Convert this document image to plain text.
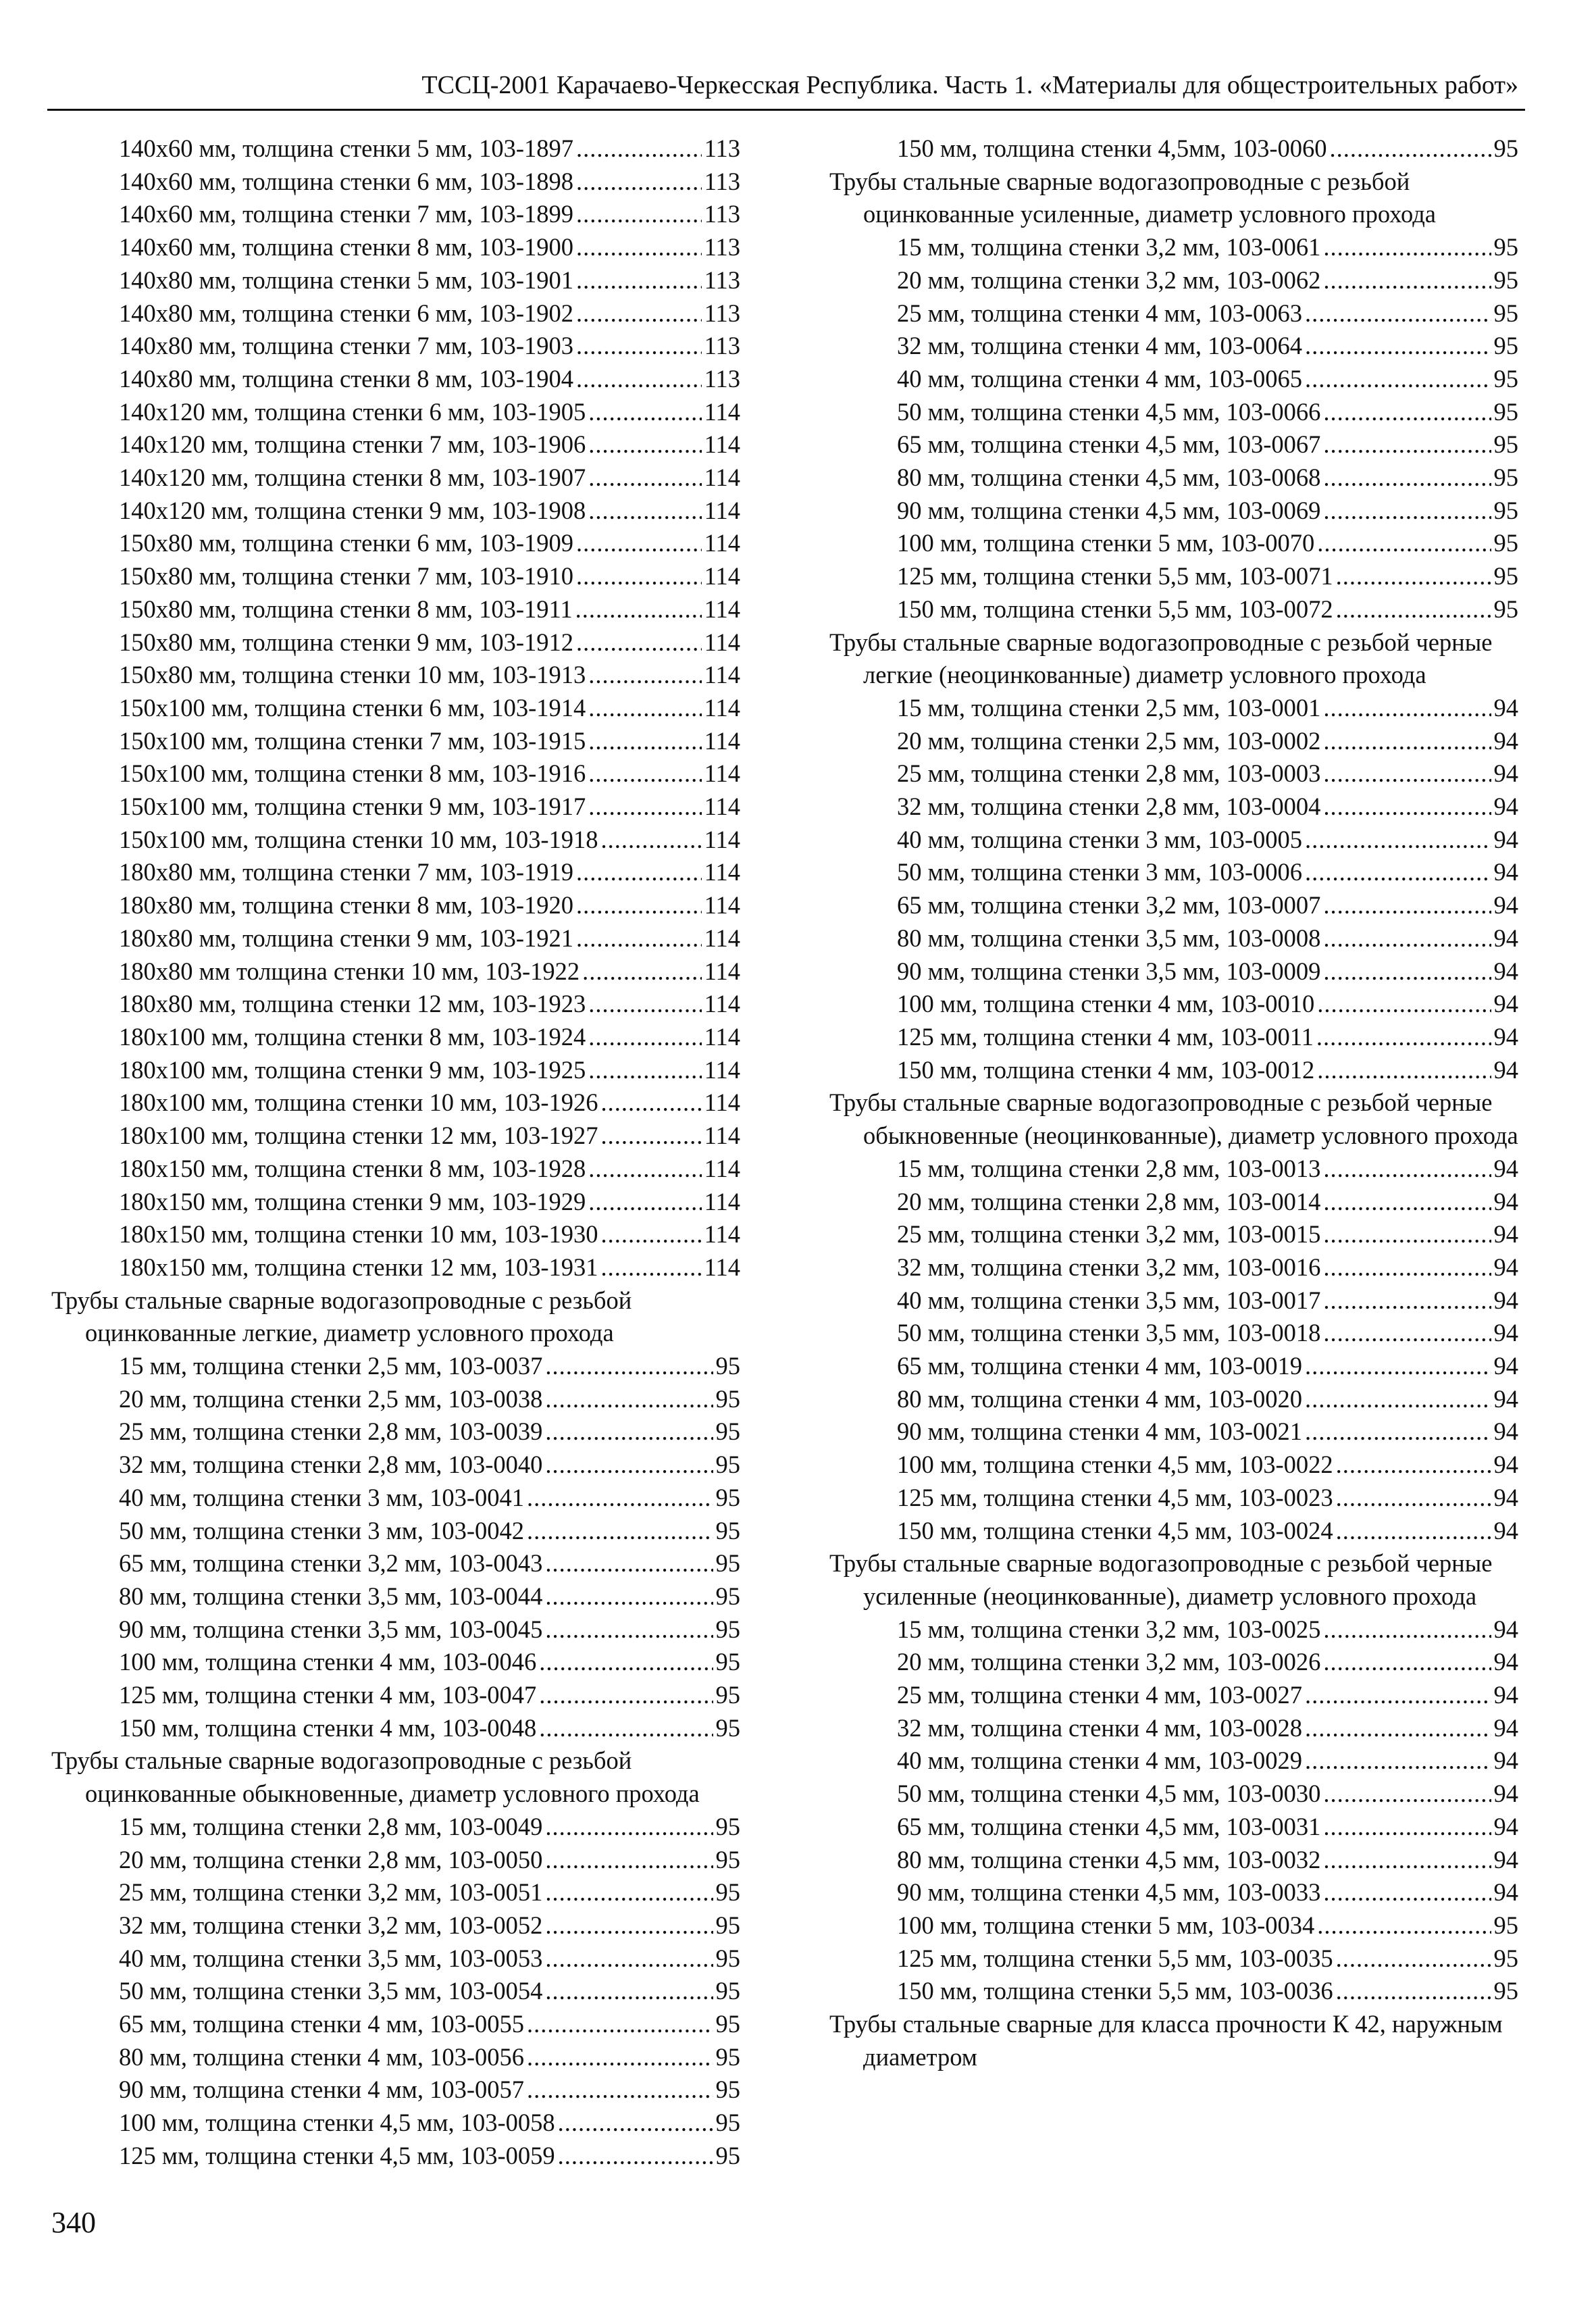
ТССЦ-2001 Карачаево-Черкесская Республика. Часть 1. «Материалы для общестроительных работ»
140х60 мм, толщина стенки 5 мм, 103-1897 .....	113
140х60 мм, толщина стенки 6 мм, 103-1898 .....	113
140х60 мм, толщина стенки 7 мм, 103-1899 .....	113
140х60 мм, толщина стенки 8 мм, 103-1900 .....	113
140х80 мм, толщина стенки 5 мм, 103-1901 .....	113
140х80 мм, толщина стенки 6 мм, 103-1902 .....	113
140х80 мм, толщина стенки 7 мм, 103-1903 .....	113
140х80 мм, толщина стенки 8 мм, 103-1904 .....	113
140х120 мм, толщина стенки 6 мм, 103-1905 .....	114
140х120 мм, толщина стенки 7 мм, 103-1906 .....	114
140х120 мм, толщина стенки 8 мм, 103-1907 .....	114
140х120 мм, толщина стенки 9 мм, 103-1908 .....	114
150х80 мм, толщина стенки 6 мм, 103-1909 .....	114
150х80 мм, толщина стенки 7 мм, 103-1910 .....	114
150х80 мм, толщина стенки 8 мм, 103-1911 .....	114
150х80 мм, толщина стенки 9 мм, 103-1912 .....	114
150х80 мм, толщина стенки 10 мм, 103-1913 .....	114
150х100 мм, толщина стенки 6 мм, 103-1914 .....	114
150х100 мм, толщина стенки 7 мм, 103-1915 .....	114
150х100 мм, толщина стенки 8 мм, 103-1916 .....	114
150х100 мм, толщина стенки 9 мм, 103-1917 .....	114
150х100 мм, толщина стенки 10 мм, 103-1918 .....	114
180х80 мм, толщина стенки 7 мм, 103-1919 .....	114
180х80 мм, толщина стенки 8 мм, 103-1920 .....	114
180х80 мм, толщина стенки 9 мм, 103-1921 .....	114
180х80 мм толщина стенки 10 мм, 103-1922 .....	114
180х80 мм, толщина стенки 12 мм, 103-1923 .....	114
180х100 мм, толщина стенки 8 мм, 103-1924 .....	114
180х100 мм, толщина стенки 9 мм, 103-1925 .....	114
180х100 мм, толщина стенки 10 мм, 103-1926 .....	114
180х100 мм, толщина стенки 12 мм, 103-1927 .....	114
180х150 мм, толщина стенки 8 мм, 103-1928 .....	114
180х150 мм, толщина стенки 9 мм, 103-1929 .....	114
180х150 мм, толщина стенки 10 мм, 103-1930 .....	114
180х150 мм, толщина стенки 12 мм, 103-1931 .....	114
Трубы стальные сварные водогазопроводные с резьбой оцинкованные легкие, диаметр условного прохода
15 мм, толщина стенки 2,5 мм, 103-0037 .....	95
20 мм, толщина стенки 2,5 мм, 103-0038 .....	95
25 мм, толщина стенки 2,8 мм, 103-0039 .....	95
32 мм, толщина стенки 2,8 мм, 103-0040 .....	95
40 мм, толщина стенки 3 мм, 103-0041 .....	95
50 мм, толщина стенки 3 мм, 103-0042 .....	95
65 мм, толщина стенки 3,2 мм, 103-0043 .....	95
80 мм, толщина стенки 3,5 мм, 103-0044 .....	95
90 мм, толщина стенки 3,5 мм, 103-0045 .....	95
100 мм, толщина стенки 4 мм, 103-0046 .....	95
125 мм, толщина стенки 4 мм, 103-0047 .....	95
150 мм, толщина стенки 4 мм, 103-0048 .....	95
Трубы стальные сварные водогазопроводные с резьбой оцинкованные обыкновенные, диаметр условного прохода
15 мм, толщина стенки 2,8 мм, 103-0049 .....	95
20 мм, толщина стенки 2,8 мм, 103-0050 .....	95
25 мм, толщина стенки 3,2 мм, 103-0051 .....	95
32 мм, толщина стенки 3,2 мм, 103-0052 .....	95
40 мм, толщина стенки 3,5 мм, 103-0053 .....	95
50 мм, толщина стенки 3,5 мм, 103-0054 .....	95
65 мм, толщина стенки 4 мм, 103-0055 .....	95
80 мм, толщина стенки 4 мм, 103-0056 .....	95
90 мм, толщина стенки 4 мм, 103-0057 .....	95
100 мм, толщина стенки 4,5 мм, 103-0058 .....	95
125 мм, толщина стенки 4,5 мм, 103-0059 .....	95
150 мм, толщина стенки 4,5мм, 103-0060 .....	95
Трубы стальные сварные водогазопроводные с резьбой оцинкованные усиленные, диаметр условного прохода
15 мм, толщина стенки 3,2 мм, 103-0061 .....	95
20 мм, толщина стенки 3,2 мм, 103-0062 .....	95
25 мм, толщина стенки 4 мм, 103-0063 .....	95
32 мм, толщина стенки 4 мм, 103-0064 .....	95
40 мм, толщина стенки 4 мм, 103-0065 .....	95
50 мм, толщина стенки 4,5 мм, 103-0066 .....	95
65 мм, толщина стенки 4,5 мм, 103-0067 .....	95
80 мм, толщина стенки 4,5 мм, 103-0068 .....	95
90 мм, толщина стенки 4,5 мм, 103-0069 .....	95
100 мм, толщина стенки 5 мм, 103-0070 .....	95
125 мм, толщина стенки 5,5 мм, 103-0071 .....	95
150 мм, толщина стенки 5,5 мм, 103-0072 .....	95
Трубы стальные сварные водогазопроводные с резьбой черные легкие (неоцинкованные) диаметр условного прохода
15 мм, толщина стенки 2,5 мм, 103-0001 .....	94
20 мм, толщина стенки 2,5 мм, 103-0002 .....	94
25 мм, толщина стенки 2,8 мм, 103-0003 .....	94
32 мм, толщина стенки 2,8 мм, 103-0004 .....	94
40 мм, толщина стенки 3 мм, 103-0005 .....	94
50 мм, толщина стенки 3 мм, 103-0006 .....	94
65 мм, толщина стенки 3,2 мм, 103-0007 .....	94
80 мм, толщина стенки 3,5 мм, 103-0008 .....	94
90 мм, толщина стенки 3,5 мм, 103-0009 .....	94
100 мм, толщина стенки 4 мм, 103-0010 .....	94
125 мм, толщина стенки 4 мм, 103-0011 .....	94
150 мм, толщина стенки 4 мм, 103-0012 .....	94
Трубы стальные сварные водогазопроводные с резьбой черные обыкновенные (неоцинкованные), диаметр условного прохода
15 мм, толщина стенки 2,8 мм, 103-0013 .....	94
20 мм, толщина стенки 2,8 мм, 103-0014 .....	94
25 мм, толщина стенки 3,2 мм, 103-0015 .....	94
32 мм, толщина стенки 3,2 мм, 103-0016 .....	94
40 мм, толщина стенки 3,5 мм, 103-0017 .....	94
50 мм, толщина стенки 3,5 мм, 103-0018 .....	94
65 мм, толщина стенки 4 мм, 103-0019 .....	94
80 мм, толщина стенки 4 мм, 103-0020 .....	94
90 мм, толщина стенки 4 мм, 103-0021 .....	94
100 мм, толщина стенки 4,5 мм, 103-0022 .....	94
125 мм, толщина стенки 4,5 мм, 103-0023 .....	94
150 мм, толщина стенки 4,5 мм, 103-0024 .....	94
Трубы стальные сварные водогазопроводные с резьбой черные усиленные (неоцинкованные), диаметр условного прохода
15 мм, толщина стенки 3,2 мм, 103-0025 .....	94
20 мм, толщина стенки 3,2 мм, 103-0026 .....	94
25 мм, толщина стенки 4 мм, 103-0027 .....	94
32 мм, толщина стенки 4 мм, 103-0028 .....	94
40 мм, толщина стенки 4 мм, 103-0029 .....	94
50 мм, толщина стенки 4,5 мм, 103-0030 .....	94
65 мм, толщина стенки 4,5 мм, 103-0031 .....	94
80 мм, толщина стенки 4,5 мм, 103-0032 .....	94
90 мм, толщина стенки 4,5 мм, 103-0033 .....	94
100 мм, толщина стенки 5 мм, 103-0034 .....	95
125 мм, толщина стенки 5,5 мм, 103-0035 .....	95
150 мм, толщина стенки 5,5 мм, 103-0036 .....	95
Трубы стальные сварные для класса прочности К 42, наружным диаметром
340
